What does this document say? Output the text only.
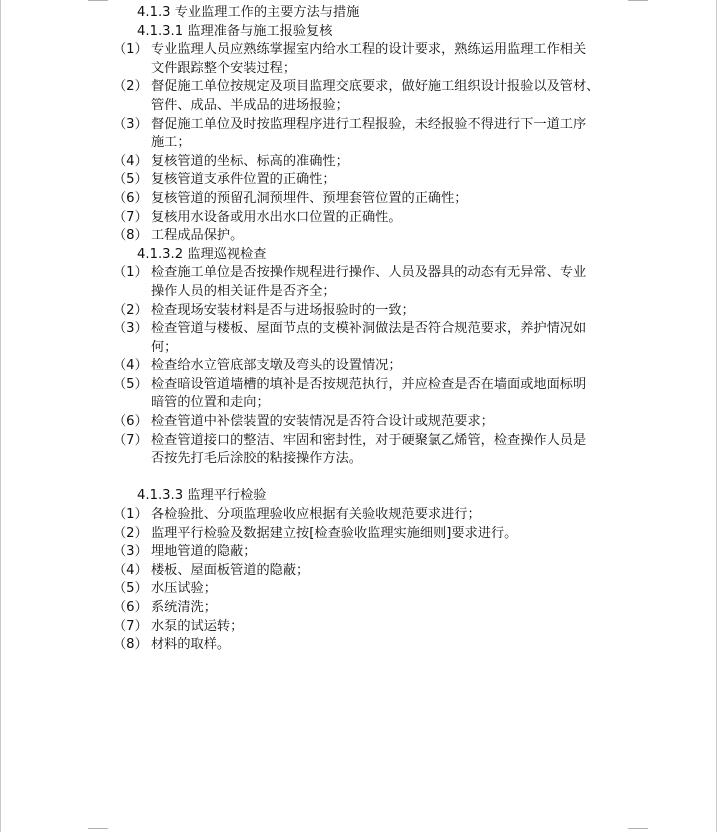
4.1.3 专业监理工作的主要方法与措施
4.1.3.1 监理准备与施工报验复核
（1） 专业监理人员应熟练掌握室内给水工程的设计要求，熟练运用监理工作相关
文件跟踪整个安装过程；
（2） 督促施工单位按规定及项目监理交底要求，做好施工组织设计报验以及管材、
管件、成品、半成品的进场报验；
（3） 督促施工单位及时按监理程序进行工程报验，未经报验不得进行下一道工序
施工；
（4） 复核管道的坐标、标高的准确性；
（5） 复核管道支承件位置的正确性；
（6） 复核管道的预留孔洞预埋件、预埋套管位置的正确性；
（7） 复核用水设备或用水出水口位置的正确性。
（8） 工程成品保护。
4.1.3.2 监理巡视检查
（1） 检查施工单位是否按操作规程进行操作、人员及器具的动态有无异常、专业
操作人员的相关证件是否齐全；
（2） 检查现场安装材料是否与进场报验时的一致；
（3） 检查管道与楼板、屋面节点的支模补洞做法是否符合规范要求，养护情况如
何；
（4） 检查给水立管底部支墩及弯头的设置情况；
（5） 检查暗设管道墙槽的填补是否按规范执行，并应检查是否在墙面或地面标明
暗管的位置和走向；
（6） 检查管道中补偿装置的安装情况是否符合设计或规范要求；
（7） 检查管道接口的整洁、牢固和密封性，对于硬聚氯乙烯管，检查操作人员是
否按先打毛后涂胶的粘接操作方法。
4.1.3.3 监理平行检验
（1） 各检验批、分项监理验收应根据有关验收规范要求进行；
（2） 监理平行检验及数据建立按[检查验收监理实施细则]要求进行。
（3） 埋地管道的隐蔽；
（4） 楼板、屋面板管道的隐蔽；
（5） 水压试验；
（6） 系统清洗；
（7） 水泵的试运转；
（8） 材料的取样。
